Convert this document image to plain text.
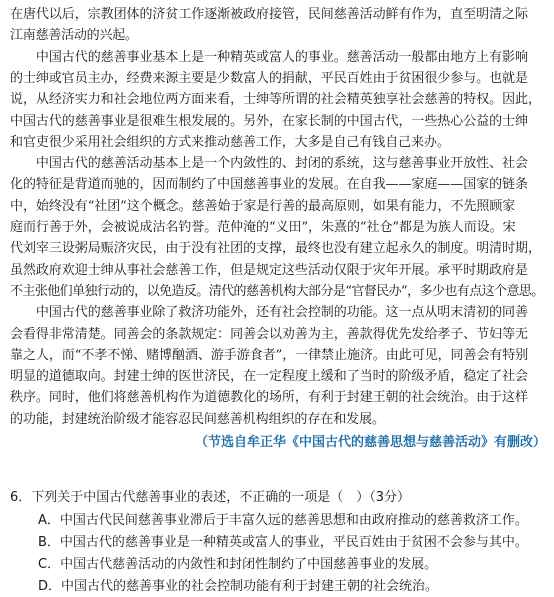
在唐代以后，宗教团体的济贫工作逐渐被政府接管，民间慈善活动鲜有作为，直至明清之际
江南慈善活动的兴起。
　　中国古代的慈善事业基本上是一种精英或富人的事业。慈善活动一般都由地方上有影响
的士绅或官员主办，经费来源主要是少数富人的捐献，平民百姓由于贫困很少参与。也就是
说，从经济实力和社会地位两方面来看，士绅等所谓的社会精英独享社会慈善的特权。因此，
中国古代的慈善事业是很难生根发展的。另外，在家长制的中国古代，一些热心公益的士绅
和官吏很少采用社会组织的方式来推动慈善工作，大多是自己有钱自己来办。
　　中国古代的慈善活动基本上是一个内敛性的、封闭的系统，这与慈善事业开放性、社会
化的特征是背道而驰的，因而制约了中国慈善事业的发展。在自我——家庭——国家的链条
中，始终没有“社团”这个概念。慈善始于家是行善的最高原则，如果有能力，不先照顾家
庭而行善于外，会被说成沽名钓誉。范仲淹的“义田”，朱熹的“社仓”都是为族人而设。宋
代刘宰三设粥局赈济灾民，由于没有社团的支撑，最终也没有建立起永久的制度。明清时期，
虽然政府欢迎士绅从事社会慈善工作，但是规定这些活动仅限于灾年开展。承平时期政府是
不主张他们单独行动的，以免造反。清代的慈善机构大部分是“官督民办”，多少也有点这个意思。
　　中国古代的慈善事业除了救济功能外，还有社会控制的功能。这一点从明末清初的同善
会看得非常清楚。同善会的条款规定：同善会以劝善为主，善款得优先发给孝子、节妇等无
靠之人，而“不孝不悌、赌博酗酒、游手游食者”，一律禁止施济。由此可见，同善会有特别
明显的道德取向。封建士绅的医世济民，在一定程度上缓和了当时的阶级矛盾，稳定了社会
秩序。同时，他们将慈善机构作为道德教化的场所，有利于封建王朝的社会统治。由于这样
的功能，封建统治阶级才能容忍民间慈善机构组织的存在和发展。
（节选自牟正华《中国古代的慈善思想与慈善活动》有删改）
6．下列关于中国古代慈善事业的表述，不正确的一项是（　）（3分）
A．中国古代民间慈善事业滞后于丰富久远的慈善思想和由政府推动的慈善救济工作。
B．中国古代的慈善事业是一种精英或富人的事业，平民百姓由于贫困不会参与其中。
C．中国古代慈善活动的内敛性和封闭性制约了中国慈善事业的发展。
D．中国古代的慈善事业的社会控制功能有利于封建王朝的社会统治。
